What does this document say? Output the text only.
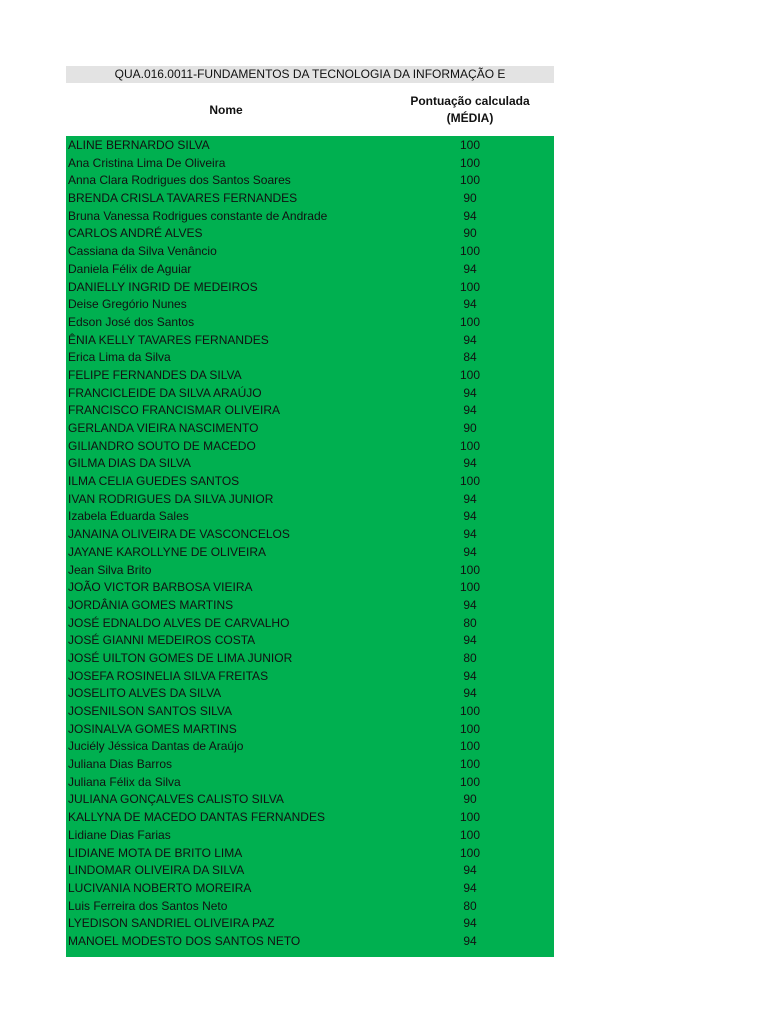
QUA.016.0011-FUNDAMENTOS DA TECNOLOGIA DA INFORMAÇÃO E
Nome
Pontuação calculada
(MÉDIA)
ALINE BERNARDO SILVA	100
Ana Cristina Lima De Oliveira	100
Anna Clara Rodrigues dos Santos Soares	100
BRENDA CRISLA TAVARES FERNANDES	90
Bruna Vanessa Rodrigues constante de Andrade	94
CARLOS ANDRÉ ALVES	90
Cassiana da Silva Venâncio	100
Daniela Félix de Aguiar	94
DANIELLY INGRID DE MEDEIROS	100
Deise Gregório Nunes	94
Edson José dos Santos	100
ÊNIA KELLY TAVARES FERNANDES	94
Erica Lima da Silva	84
FELIPE FERNANDES DA SILVA	100
FRANCICLEIDE DA SILVA ARAÚJO	94
FRANCISCO FRANCISMAR OLIVEIRA	94
GERLANDA VIEIRA NASCIMENTO	90
GILIANDRO SOUTO DE MACEDO	100
GILMA DIAS DA SILVA	94
ILMA CELIA GUEDES SANTOS	100
IVAN RODRIGUES DA SILVA JUNIOR	94
Izabela Eduarda Sales	94
JANAINA OLIVEIRA DE VASCONCELOS	94
JAYANE KAROLLYNE DE OLIVEIRA	94
Jean Silva Brito	100
JOÃO VICTOR BARBOSA VIEIRA	100
JORDÂNIA GOMES MARTINS	94
JOSÉ EDNALDO ALVES DE CARVALHO	80
JOSÉ GIANNI MEDEIROS COSTA	94
JOSÉ UILTON GOMES DE LIMA JUNIOR	80
JOSEFA ROSINELIA SILVA FREITAS	94
JOSELITO ALVES DA SILVA	94
JOSENILSON SANTOS SILVA	100
JOSINALVA GOMES MARTINS	100
Juciély Jéssica Dantas de Araújo	100
Juliana Dias Barros	100
Juliana Félix da Silva	100
JULIANA GONÇALVES CALISTO SILVA	90
KALLYNA DE MACEDO DANTAS FERNANDES	100
Lidiane Dias Farias	100
LIDIANE MOTA DE BRITO LIMA	100
LINDOMAR OLIVEIRA DA SILVA	94
LUCIVANIA NOBERTO MOREIRA	94
Luis Ferreira dos Santos Neto	80
LYEDISON SANDRIEL OLIVEIRA PAZ	94
MANOEL MODESTO DOS SANTOS NETO	94
